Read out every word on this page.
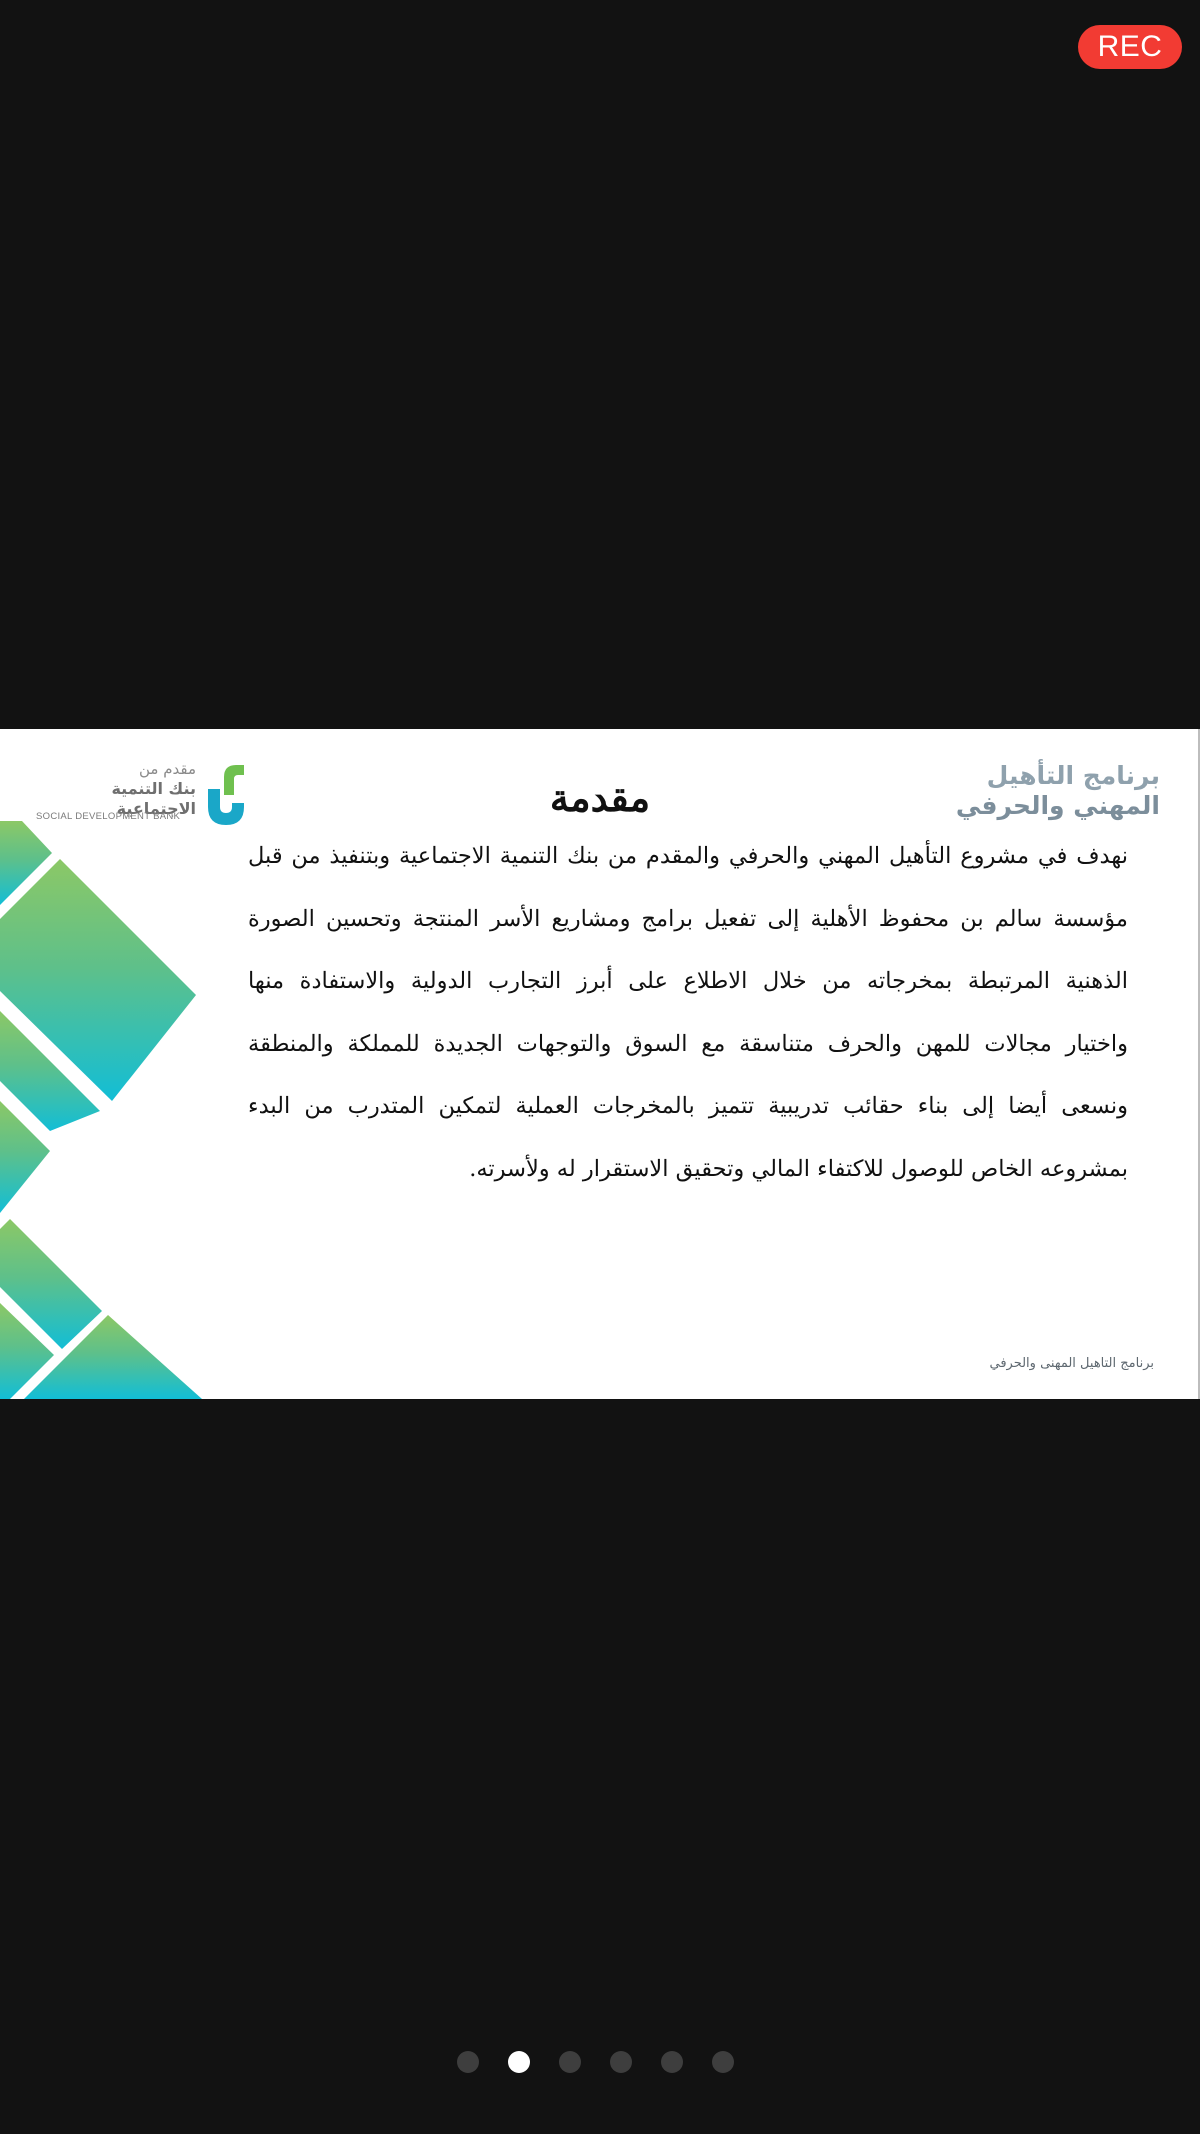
REC
مقدم من
بنك التنمية الاجتماعية
SOCIAL DEVELOPMENT BANK	مقدمة	برنامج التأهيل
المهني والحرفي
نهدف في مشروع التأهيل المهني والحرفي والمقدم من بنك التنمية الاجتماعية وبتنفيذ من قبل
مؤسسة سالم بن محفوظ الأهلية إلى تفعيل برامج ومشاريع الأسر المنتجة وتحسين الصورة
الذهنية المرتبطة بمخرجاته من خلال الاطلاع على أبرز التجارب الدولية والاستفادة منها
واختيار مجالات للمهن والحرف متناسقة مع السوق والتوجهات الجديدة للمملكة والمنطقة
ونسعى أيضا إلى بناء حقائب تدريبية تتميز بالمخرجات العملية لتمكين المتدرب من البدء
بمشروعه الخاص للوصول للاكتفاء المالي وتحقيق الاستقرار له ولأسرته.
برنامج التاهيل المهنى والحرفي
